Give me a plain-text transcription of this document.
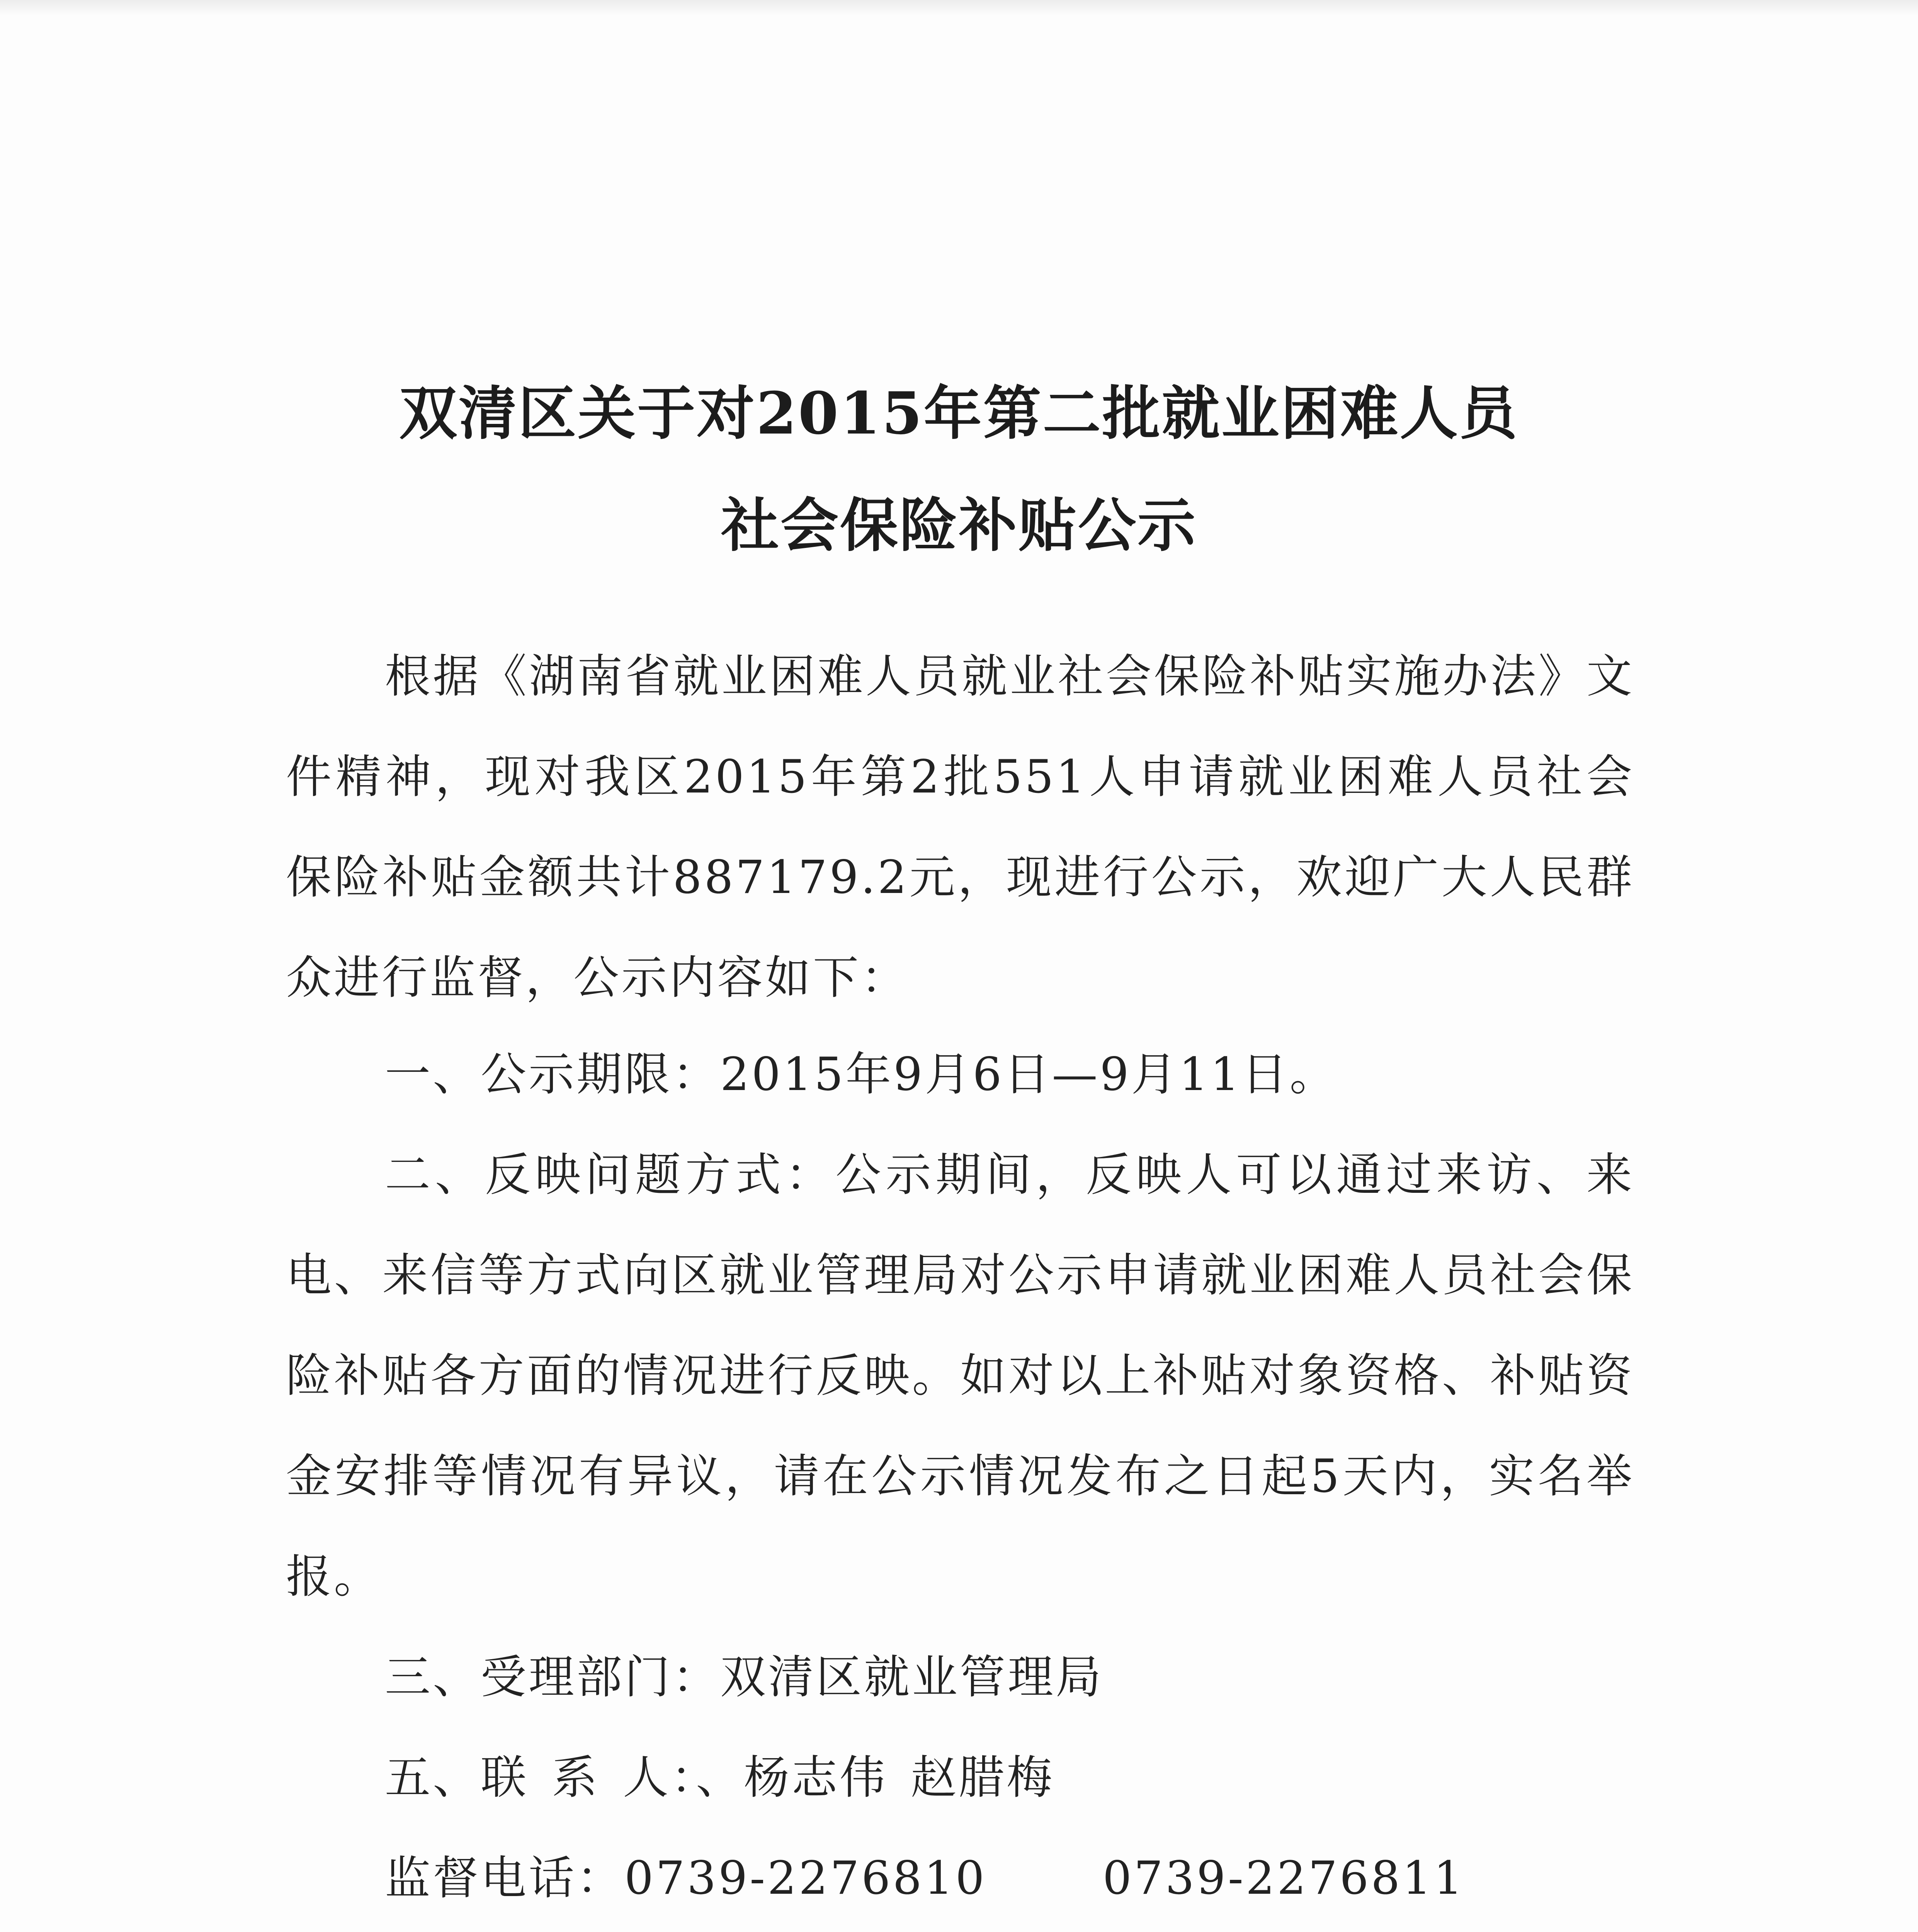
双清区关于对2015年第二批就业困难人员
社会保险补贴公示

根据《湖南省就业困难人员就业社会保险补贴实施办法》文件精神，现对我区2015年第2批551人申请就业困难人员社会保险补贴金额共计887179.2元，现进行公示，欢迎广大人民群众进行监督，公示内容如下：

一、公示期限：2015年9月6日—9月11日。

二、反映问题方式：公示期间，反映人可以通过来访、来电、来信等方式向区就业管理局对公示申请就业困难人员社会保险补贴各方面的情况进行反映。如对以上补贴对象资格、补贴资金安排等情况有异议，请在公示情况发布之日起5天内，实名举报。

三、受理部门：双清区就业管理局

五、联 系 人：、杨志伟 赵腊梅

监督电话：0739-2276810	0739-2276811
